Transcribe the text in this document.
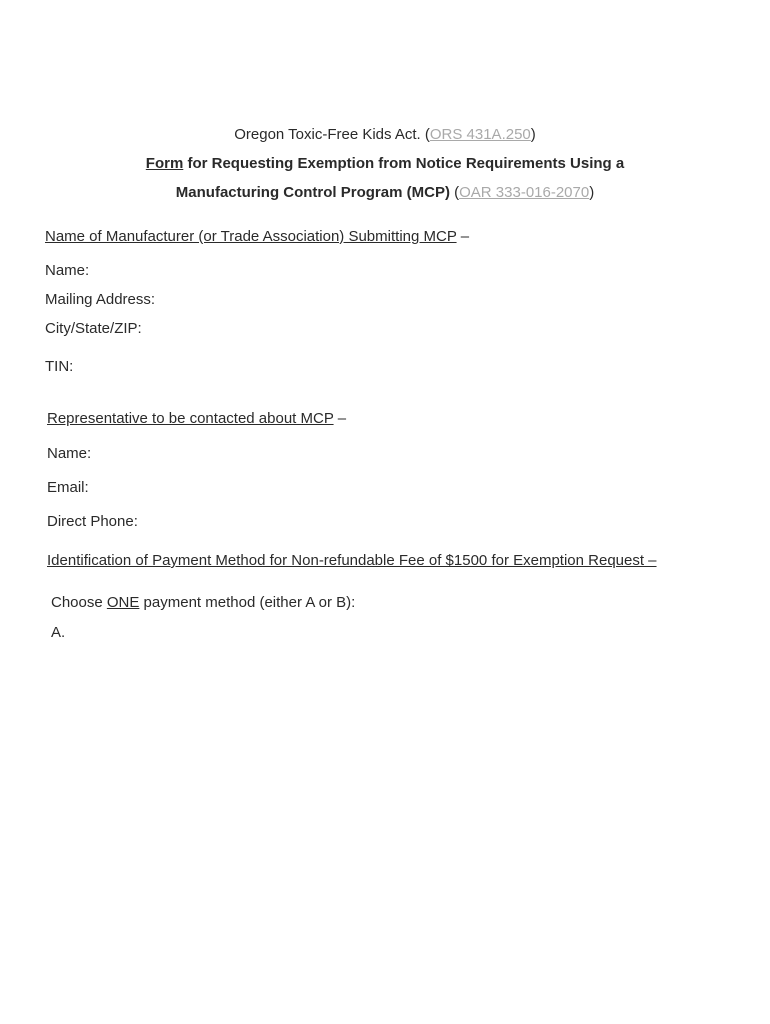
Oregon Toxic-Free Kids Act. (ORS 431A.250)
Form for Requesting Exemption from Notice Requirements Using a
Manufacturing Control Program (MCP) (OAR 333-016-2070)
Name of Manufacturer (or Trade Association) Submitting MCP –
Name:
Mailing Address:
City/State/ZIP:
TIN:
Representative to be contacted about MCP –
Name:
Email:
Direct Phone:
Identification of Payment Method for Non-refundable Fee of $1500 for Exemption Request –
Choose ONE payment method (either A or B):
A.
